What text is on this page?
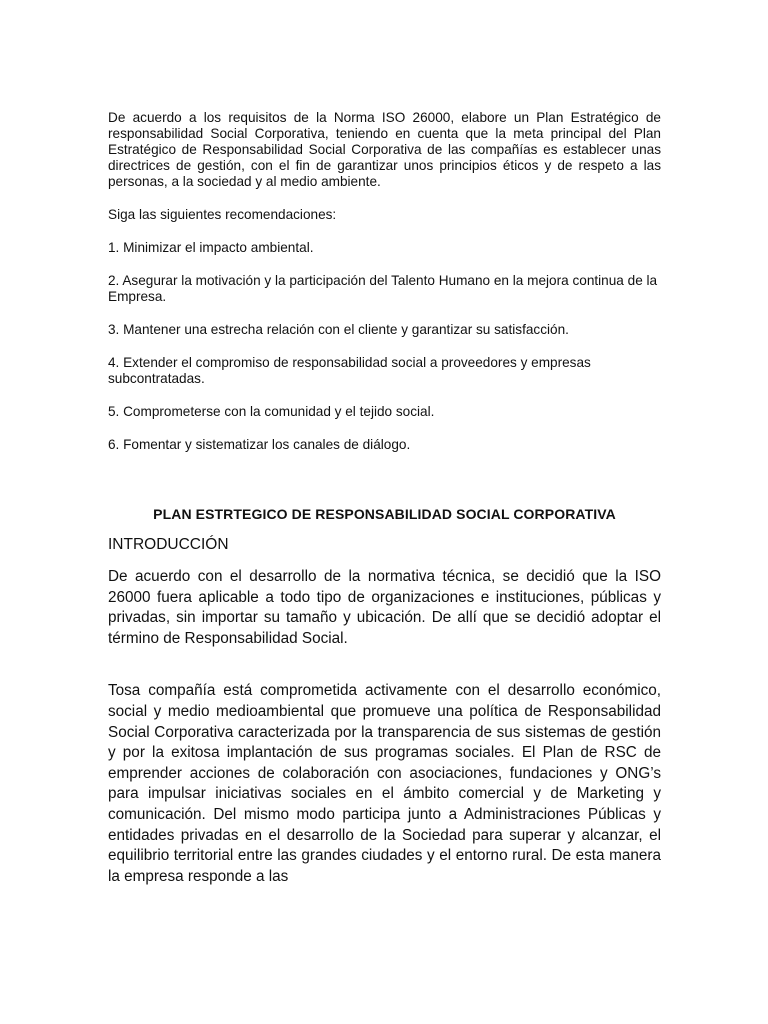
De acuerdo a los requisitos de la Norma ISO 26000, elabore un Plan Estratégico de responsabilidad Social Corporativa, teniendo en cuenta que la meta principal del Plan Estratégico de Responsabilidad Social Corporativa de las compañías es establecer unas directrices de gestión, con el fin de garantizar unos principios éticos y de respeto a las personas, a la sociedad y al medio ambiente.

Siga las siguientes recomendaciones:

1. Minimizar el impacto ambiental.

2. Asegurar la motivación y la participación del Talento Humano en la mejora continua de la Empresa.

3. Mantener una estrecha relación con el cliente y garantizar su satisfacción.

4. Extender el compromiso de responsabilidad social a proveedores y empresas subcontratadas.

5. Comprometerse con la comunidad y el tejido social.

6. Fomentar y sistematizar los canales de diálogo.

PLAN ESTRTEGICO DE RESPONSABILIDAD SOCIAL CORPORATIVA
INTRODUCCIÓN

De acuerdo con el desarrollo de la normativa técnica, se decidió que la ISO 26000 fuera aplicable a todo tipo de organizaciones e instituciones, públicas y privadas, sin importar su tamaño y ubicación. De allí que se decidió adoptar el término de Responsabilidad Social.

Tosa compañía está comprometida activamente con el desarrollo económico, social y medio medioambiental que promueve una política de Responsabilidad Social Corporativa caracterizada por la transparencia de sus sistemas de gestión y por la exitosa implantación de sus programas sociales. El Plan de RSC de emprender acciones de colaboración con asociaciones, fundaciones y ONG’s para impulsar iniciativas sociales en el ámbito comercial y de Marketing y comunicación. Del mismo modo participa junto a Administraciones Públicas y entidades privadas en el desarrollo de la Sociedad para superar y alcanzar, el equilibrio territorial entre las grandes ciudades y el entorno rural. De esta manera la empresa responde a las
